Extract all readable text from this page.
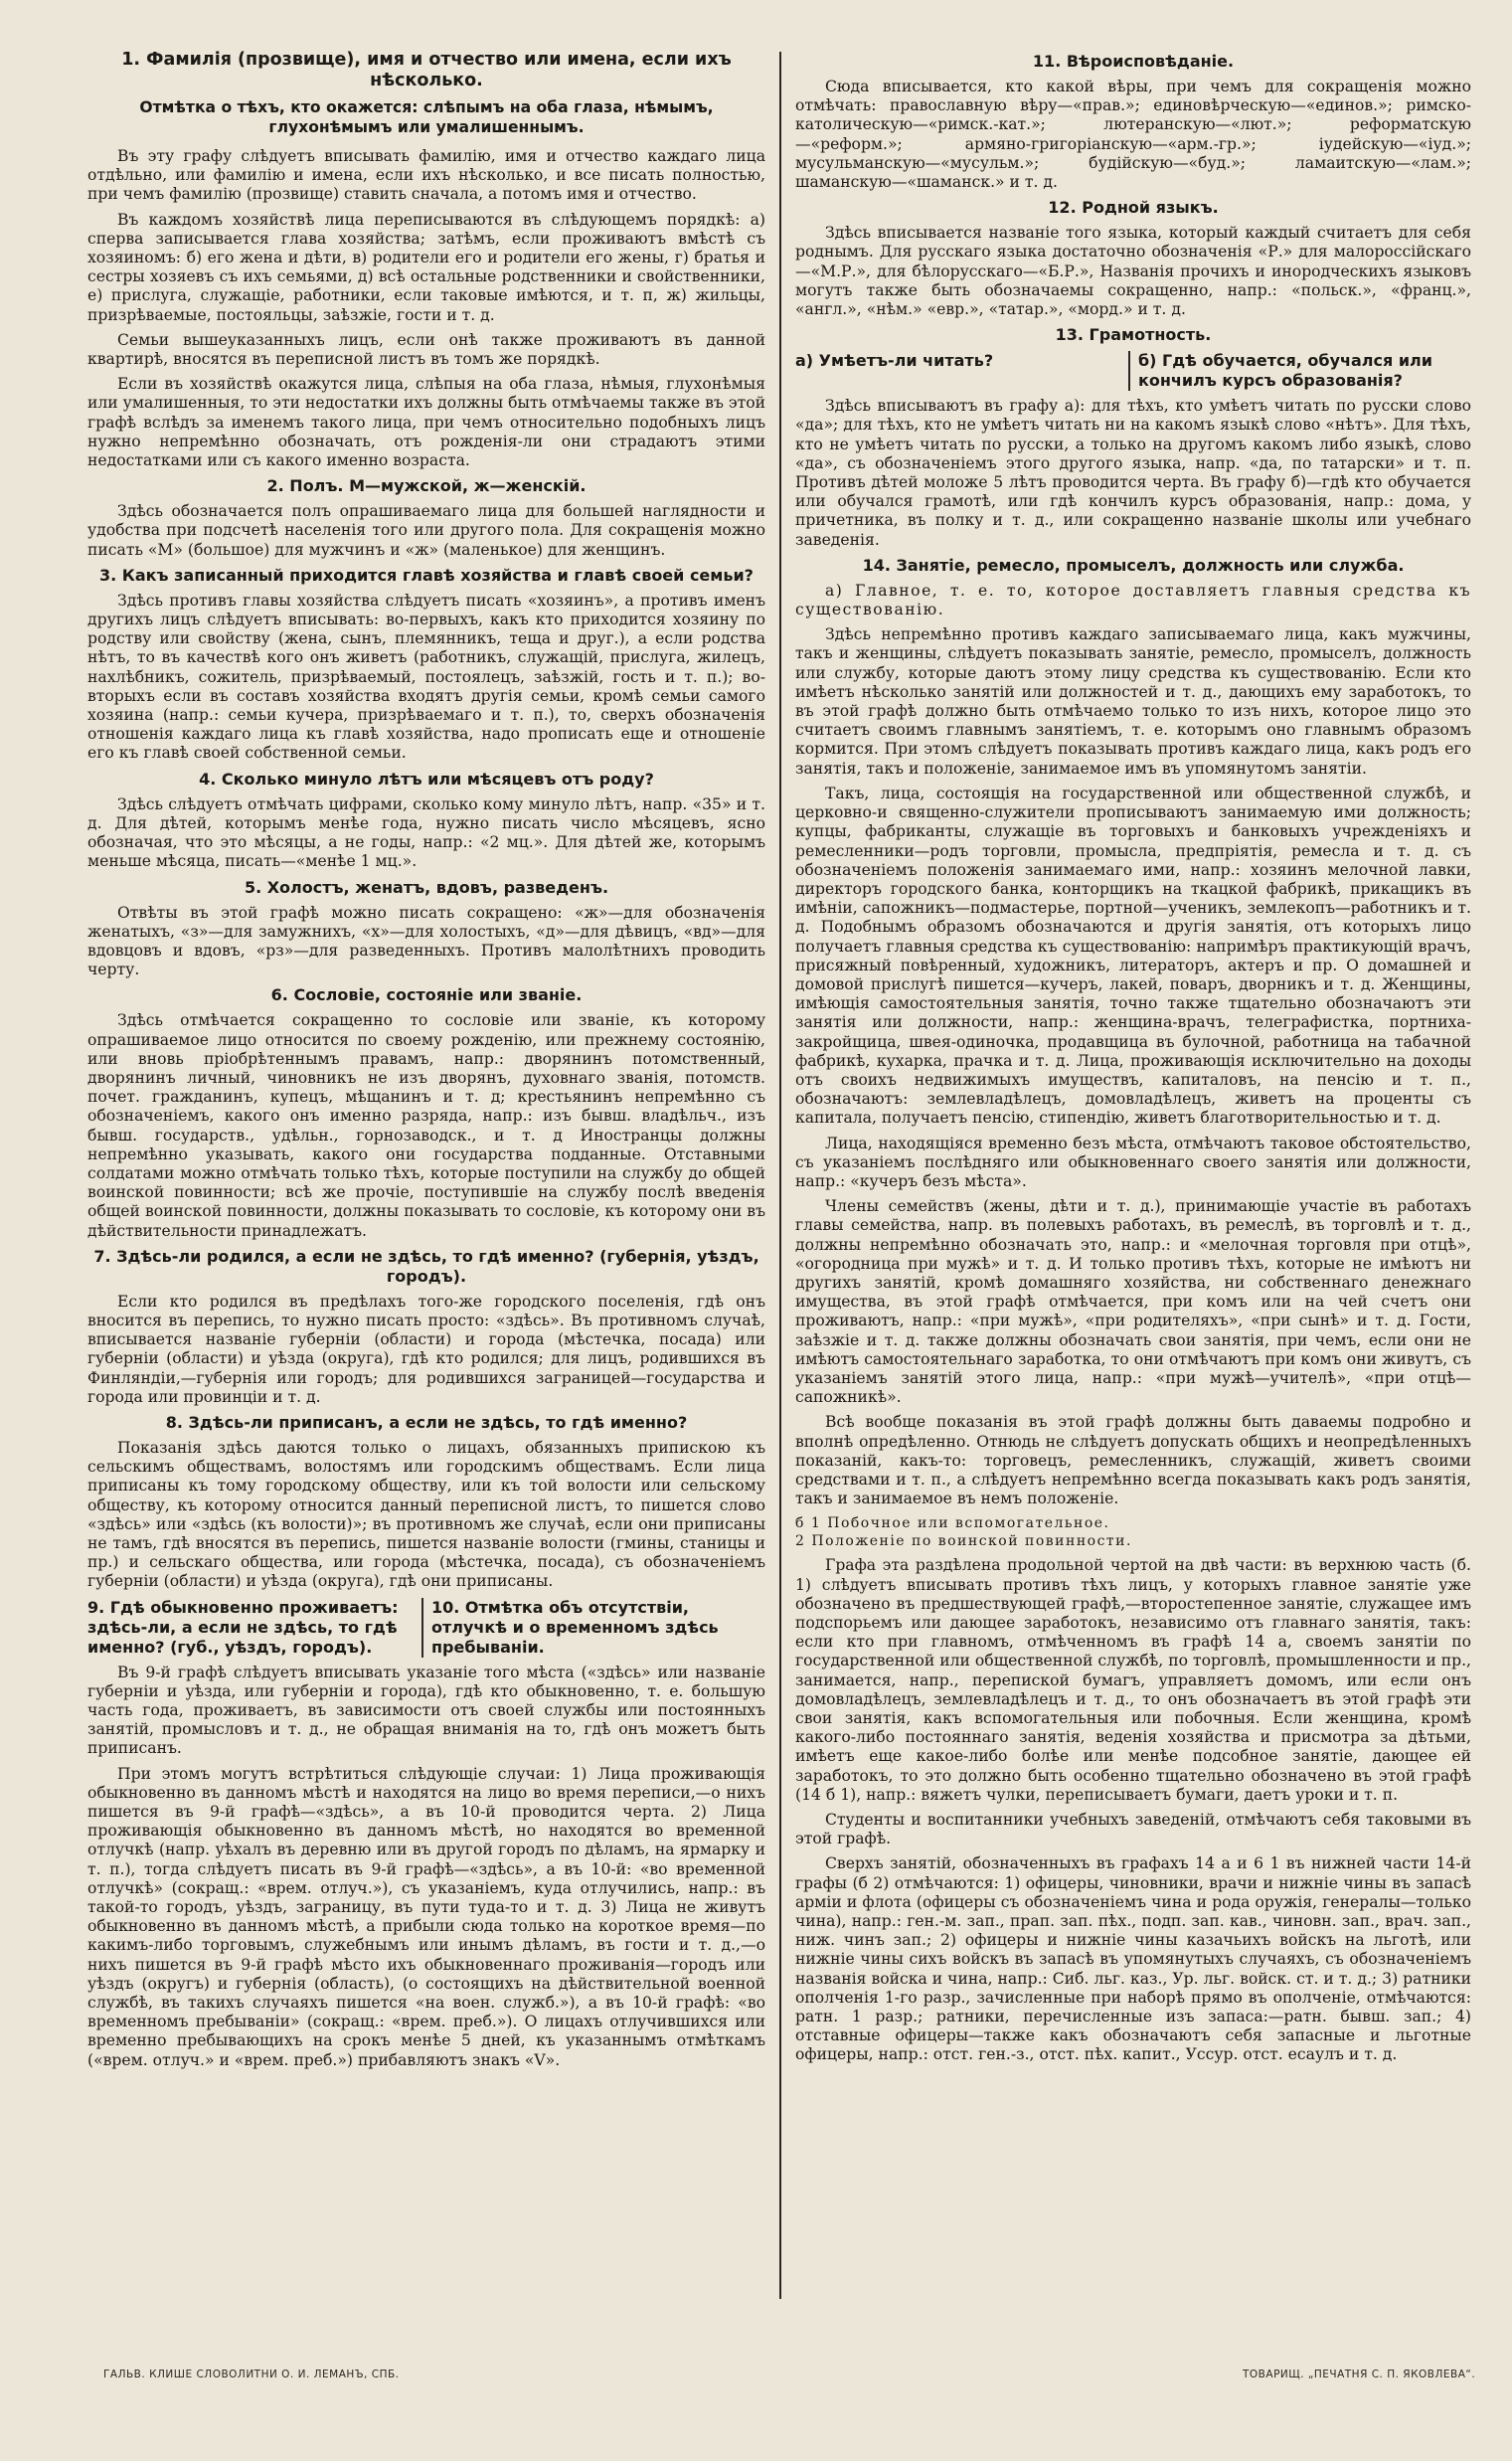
1. Фамилія (прозвище), имя и отчество или имена, если ихъ нѣсколько.
Отмѣтка о тѣхъ, кто окажется: слѣпымъ на оба глаза, нѣмымъ, глухонѣмымъ или умалишеннымъ.

Въ эту графу слѣдуетъ вписывать фамилію, имя и отчество каждаго лица отдѣльно, или фамилію и имена, если ихъ нѣсколько, и все писать полностью, при чемъ фамилію (прозвище) ставить сначала, а потомъ имя и отчество.

Въ каждомъ хозяйствѣ лица переписываются въ слѣдующемъ порядкѣ: а) сперва записывается глава хозяйства; затѣмъ, если проживаютъ вмѣстѣ съ хозяиномъ: б) его жена и дѣти, в) родители его и родители его жены, г) братья и сестры хозяевъ съ ихъ семьями, д) всѣ остальные родственники и свойственники, е) прислуга, служащіе, работники, если таковые имѣются, и т. п, ж) жильцы, призрѣваемые, постояльцы, заѣзжіе, гости и т. д.

Семьи вышеуказанныхъ лицъ, если онѣ также проживаютъ въ данной квартирѣ, вносятся въ переписной листъ въ томъ же порядкѣ.

Если въ хозяйствѣ окажутся лица, слѣпыя на оба глаза, нѣмыя, глухонѣмыя или умалишенныя, то эти недостатки ихъ должны быть отмѣчаемы также въ этой графѣ вслѣдъ за именемъ такого лица, при чемъ относительно подобныхъ лицъ нужно непремѣнно обозначать, отъ рожденія-ли они страдаютъ этими недостатками или съ какого именно возраста.

2. Полъ. М—мужской, ж—женскій.

Здѣсь обозначается полъ опрашиваемаго лица для большей наглядности и удобства при подсчетѣ населенія того или другого пола. Для сокращенія можно писать «М» (большое) для мужчинъ и «ж» (маленькое) для женщинъ.

3. Какъ записанный приходится главѣ хозяйства и главѣ своей семьи?

Здѣсь противъ главы хозяйства слѣдуетъ писать «хозяинъ», а противъ именъ другихъ лицъ слѣдуетъ вписывать: во-первыхъ, какъ кто приходится хозяину по родству или свойству (жена, сынъ, племянникъ, теща и друг.), а если родства нѣтъ, то въ качествѣ кого онъ живетъ (работникъ, служащій, прислуга, жилецъ, нахлѣбникъ, сожитель, призрѣваемый, постоялецъ, заѣзжій, гость и т. п.); во-вторыхъ если въ составъ хозяйства входятъ другія семьи, кромѣ семьи самого хозяина (напр.: семьи кучера, призрѣваемаго и т. п.), то, сверхъ обозначенія отношенія каждаго лица къ главѣ хозяйства, надо прописать еще и отношеніе его къ главѣ своей собственной семьи.

4. Сколько минуло лѣтъ или мѣсяцевъ отъ роду?

Здѣсь слѣдуетъ отмѣчать цифрами, сколько кому минуло лѣтъ, напр. «35» и т. д. Для дѣтей, которымъ менѣе года, нужно писать число мѣсяцевъ, ясно обозначая, что это мѣсяцы, а не годы, напр.: «2 мц.». Для дѣтей же, которымъ меньше мѣсяца, писать—«менѣе 1 мц.».

5. Холостъ, женатъ, вдовъ, разведенъ.

Отвѣты въ этой графѣ можно писать сокращено: «ж»—для обозначенія женатыхъ, «з»—для замужнихъ, «х»—для холостыхъ, «д»—для дѣвицъ, «вд»—для вдовцовъ и вдовъ, «рз»—для разведенныхъ. Противъ малолѣтнихъ проводить черту.

6. Сословіе, состояніе или званіе.

Здѣсь отмѣчается сокращенно то сословіе или званіе, къ которому опрашиваемое лицо относится по своему рожденію, или прежнему состоянію, или вновь пріобрѣтеннымъ правамъ, напр.: дворянинъ потомственный, дворянинъ личный, чиновникъ не изъ дворянъ, духовнаго званія, потомств. почет. гражданинъ, купецъ, мѣщанинъ и т. д; крестьянинъ непремѣнно съ обозначеніемъ, какого онъ именно разряда, напр.: изъ бывш. владѣльч., изъ бывш. государств., удѣльн., горнозаводск., и т. д Иностранцы должны непремѣнно указывать, какого они государства подданные. Отставными солдатами можно отмѣчать только тѣхъ, которые поступили на службу до общей воинской повинности; всѣ же прочіе, поступившіе на службу послѣ введенія общей воинской повинности, должны показывать то сословіе, къ которому они въ дѣйствительности принадлежатъ.

7. Здѣсь-ли родился, а если не здѣсь, то гдѣ именно? (губернія, уѣздъ, городъ).

Если кто родился въ предѣлахъ того-же городского поселенія, гдѣ онъ вносится въ перепись, то нужно писать просто: «здѣсь». Въ противномъ случаѣ, вписывается названіе губерніи (области) и города (мѣстечка, посада) или губерніи (области) и уѣзда (округа), гдѣ кто родился; для лицъ, родившихся въ Финляндіи,—губернія или городъ; для родившихся заграницей—государства и города или провинціи и т. д.

8. Здѣсь-ли приписанъ, а если не здѣсь, то гдѣ именно?

Показанія здѣсь даются только о лицахъ, обязанныхъ припискою къ сельскимъ обществамъ, волостямъ или городскимъ обществамъ. Если лица приписаны къ тому городскому обществу, или къ той волости или сельскому обществу, къ которому относится данный переписной листъ, то пишется слово «здѣсь» или «здѣсь (къ волости)»; въ противномъ же случаѣ, если они приписаны не тамъ, гдѣ вносятся въ перепись, пишется названіе волости (гмины, станицы и пр.) и сельскаго общества, или города (мѣстечка, посада), съ обозначеніемъ губерніи (области) и уѣзда (округа), гдѣ они приписаны.

9. Гдѣ обыкновенно проживаетъ: здѣсь-ли, а если не здѣсь, то гдѣ именно? (губ., уѣздъ, городъ).
10. Отмѣтка объ отсутствіи, отлучкѣ и о временномъ здѣсь пребываніи.

Въ 9-й графѣ слѣдуетъ вписывать указаніе того мѣста («здѣсь» или названіе губерніи и уѣзда, или губерніи и города), гдѣ кто обыкновенно, т. е. большую часть года, проживаетъ, въ зависимости отъ своей службы или постоянныхъ занятій, промысловъ и т. д., не обращая вниманія на то, гдѣ онъ можетъ быть приписанъ.

При этомъ могутъ встрѣтиться слѣдующіе случаи: 1) Лица проживающія обыкновенно въ данномъ мѣстѣ и находятся на лицо во время переписи,—о нихъ пишется въ 9-й графѣ—«здѣсь», а въ 10-й проводится черта. 2) Лица проживающія обыкновенно въ данномъ мѣстѣ, но находятся во временной отлучкѣ (напр. уѣхалъ въ деревню или въ другой городъ по дѣламъ, на ярмарку и т. п.), тогда слѣдуетъ писать въ 9-й графѣ—«здѣсь», а въ 10-й: «во временной отлучкѣ» (сокращ.: «врем. отлуч.»), съ указаніемъ, куда отлучились, напр.: въ такой-то городъ, уѣздъ, заграницу, въ пути туда-то и т. д. 3) Лица не живутъ обыкновенно въ данномъ мѣстѣ, а прибыли сюда только на короткое время—по какимъ-либо торговымъ, служебнымъ или инымъ дѣламъ, въ гости и т. д.,—о нихъ пишется въ 9-й графѣ мѣсто ихъ обыкновеннаго проживанія—городъ или уѣздъ (округъ) и губернія (область), (о состоящихъ на дѣйствительной военной службѣ, въ такихъ случаяхъ пишется «на воен. служб.»), а въ 10-й графѣ: «во временномъ пребываніи» (сокращ.: «врем. преб.»). О лицахъ отлучившихся или временно пребывающихъ на срокъ менѣе 5 дней, къ указаннымъ отмѣткамъ («врем. отлуч.» и «врем. преб.») прибавляютъ знакъ «V».

11. Вѣроисповѣданіе.

Сюда вписывается, кто какой вѣры, при чемъ для сокращенія можно отмѣчать: православную вѣру—«прав.»; единовѣрческую—«единов.»; римско-католическую—«римск.-кат.»; лютеранскую—«лют.»; реформатскую—«реформ.»; армяно-григоріанскую—«арм.-гр.»; іудейскую—«іуд.»; мусульманскую—«мусульм.»; будійскую—«буд.»; ламаитскую—«лам.»; шаманскую—«шаманск.» и т. д.

12. Родной языкъ.

Здѣсь вписывается названіе того языка, который каждый считаетъ для себя роднымъ. Для русскаго языка достаточно обозначенія «Р.» для малороссійскаго—«М.Р.», для бѣлорусскаго—«Б.Р.», Названія прочихъ и инородческихъ языковъ могутъ также быть обозначаемы сокращенно, напр.: «польск.», «франц.», «англ.», «нѣм.» «евр.», «татар.», «морд.» и т. д.

13. Грамотность.
а) Умѣетъ-ли читать?	б) Гдѣ обучается, обучался или кончилъ курсъ образованія?

Здѣсь вписываютъ въ графу а): для тѣхъ, кто умѣетъ читать по русски слово «да»; для тѣхъ, кто не умѣетъ читать ни на какомъ языкѣ слово «нѣтъ». Для тѣхъ, кто не умѣетъ читать по русски, а только на другомъ какомъ либо языкѣ, слово «да», съ обозначеніемъ этого другого языка, напр. «да, по татарски» и т. п. Противъ дѣтей моложе 5 лѣтъ проводится черта. Въ графу б)—гдѣ кто обучается или обучался грамотѣ, или гдѣ кончилъ курсъ образованія, напр.: дома, у причетника, въ полку и т. д., или сокращенно названіе школы или учебнаго заведенія.

14. Занятіе, ремесло, промыселъ, должность или служба.

а) Главное, т. е. то, которое доставляетъ главныя средства къ существованію.

Здѣсь непремѣнно противъ каждаго записываемаго лица, какъ мужчины, такъ и женщины, слѣдуетъ показывать занятіе, ремесло, промыселъ, должность или службу, которые даютъ этому лицу средства къ существованію. Если кто имѣетъ нѣсколько занятій или должностей и т. д., дающихъ ему заработокъ, то въ этой графѣ должно быть отмѣчаемо только то изъ нихъ, которое лицо это считаетъ своимъ главнымъ занятіемъ, т. е. которымъ оно главнымъ образомъ кормится. При этомъ слѣдуетъ показывать противъ каждаго лица, какъ родъ его занятія, такъ и положеніе, занимаемое имъ въ упомянутомъ занятіи.

Такъ, лица, состоящія на государственной или общественной службѣ, и церковно-и священно-служители прописываютъ занимаемую ими должность; купцы, фабриканты, служащіе въ торговыхъ и банковыхъ учрежденіяхъ и ремесленники—родъ торговли, промысла, предпріятія, ремесла и т. д. съ обозначеніемъ положенія занимаемаго ими, напр.: хозяинъ мелочной лавки, директоръ городского банка, конторщикъ на ткацкой фабрикѣ, прикащикъ въ имѣніи, сапожникъ—подмастерье, портной—ученикъ, землекопъ—работникъ и т. д. Подобнымъ образомъ обозначаются и другія занятія, отъ которыхъ лицо получаетъ главныя средства къ существованію: напримѣръ практикующій врачъ, присяжный повѣренный, художникъ, литераторъ, актеръ и пр. О домашней и домовой прислугѣ пишется—кучеръ, лакей, поваръ, дворникъ и т. д. Женщины, имѣющія самостоятельныя занятія, точно также тщательно обозначаютъ эти занятія или должности, напр.: женщина-врачъ, телеграфистка, портниха-закройщица, швея-одиночка, продавщица въ булочной, работница на табачной фабрикѣ, кухарка, прачка и т. д. Лица, проживающія исключительно на доходы отъ своихъ недвижимыхъ имуществъ, капиталовъ, на пенсію и т. п., обозначаютъ: землевладѣлецъ, домовладѣлецъ, живетъ на проценты съ капитала, получаетъ пенсію, стипендію, живетъ благотворительностью и т. д.

Лица, находящіяся временно безъ мѣста, отмѣчаютъ таковое обстоятельство, съ указаніемъ послѣдняго или обыкновеннаго своего занятія или должности, напр.: «кучеръ безъ мѣста».

Члены семействъ (жены, дѣти и т. д.), принимающіе участіе въ работахъ главы семейства, напр. въ полевыхъ работахъ, въ ремеслѣ, въ торговлѣ и т. д., должны непремѣнно обозначать это, напр.: и «мелочная торговля при отцѣ», «огородница при мужѣ» и т. д. И только противъ тѣхъ, которые не имѣютъ ни другихъ занятій, кромѣ домашняго хозяйства, ни собственнаго денежнаго имущества, въ этой графѣ отмѣчается, при комъ или на чей счетъ они проживаютъ, напр.: «при мужѣ», «при родителяхъ», «при сынѣ» и т. д. Гости, заѣзжіе и т. д. также должны обозначать свои занятія, при чемъ, если они не имѣютъ самостоятельнаго заработка, то они отмѣчаютъ при комъ они живутъ, съ указаніемъ занятій этого лица, напр.: «при мужѣ—учителѣ», «при отцѣ—сапожникѣ».

Всѣ вообще показанія въ этой графѣ должны быть даваемы подробно и вполнѣ опредѣленно. Отнюдь не слѣдуетъ допускать общихъ и неопредѣленныхъ показаній, какъ-то: торговецъ, ремесленникъ, служащій, живетъ своими средствами и т. п., а слѣдуетъ непремѣнно всегда показывать какъ родъ занятія, такъ и занимаемое въ немъ положеніе.

б 1 Побочное или вспомогательное.
2 Положеніе по воинской повинности.

Графа эта раздѣлена продольной чертой на двѣ части: въ верхнюю часть (б. 1) слѣдуетъ вписывать противъ тѣхъ лицъ, у которыхъ главное занятіе уже обозначено въ предшествующей графѣ,—второстепенное занятіе, служащее имъ подспорьемъ или дающее заработокъ, независимо отъ главнаго занятія, такъ: если кто при главномъ, отмѣченномъ въ графѣ 14 а, своемъ занятіи по государственной или общественной службѣ, по торговлѣ, промышленности и пр., занимается, напр., перепиской бумагъ, управляетъ домомъ, или если онъ домовладѣлецъ, землевладѣлецъ и т. д., то онъ обозначаетъ въ этой графѣ эти свои занятія, какъ вспомогательныя или побочныя. Если женщина, кромѣ какого-либо постояннаго занятія, веденія хозяйства и присмотра за дѣтьми, имѣетъ еще какое-либо болѣе или менѣе подсобное занятіе, дающее ей заработокъ, то это должно быть особенно тщательно обозначено въ этой графѣ (14 б 1), напр.: вяжетъ чулки, переписываетъ бумаги, даетъ уроки и т. п.

Студенты и воспитанники учебныхъ заведеній, отмѣчаютъ себя таковыми въ этой графѣ.

Сверхъ занятій, обозначенныхъ въ графахъ 14 а и 6 1 въ нижней части 14-й графы (б 2) отмѣчаются: 1) офицеры, чиновники, врачи и нижніе чины въ запасѣ арміи и флота (офицеры съ обозначеніемъ чина и рода оружія, генералы—только чина), напр.: ген.-м. зап., прап. зап. пѣх., подп. зап. кав., чиновн. зап., врач. зап., ниж. чинъ зап.; 2) офицеры и нижніе чины казачьихъ войскъ на льготѣ, или нижніе чины сихъ войскъ въ запасѣ въ упомянутыхъ случаяхъ, съ обозначеніемъ названія войска и чина, напр.: Сиб. льг. каз., Ур. льг. войск. ст. и т. д.; 3) ратники ополченія 1-го разр., зачисленные при наборѣ прямо въ ополченіе, отмѣчаются: ратн. 1 разр.; ратники, перечисленные изъ запаса:—ратн. бывш. зап.; 4) отставные офицеры—также какъ обозначаютъ себя запасные и льготные офицеры, напр.: отст. ген.-з., отст. пѣх. капит., Уссур. отст. есаулъ и т. д.

ГАЛЬВ. КЛИШЕ СЛОВОЛИТНИ О. И. ЛЕМАНЪ, СПБ.	ТОВАРИЩ. „ПЕЧАТНЯ С. П. ЯКОВЛЕВА“.
